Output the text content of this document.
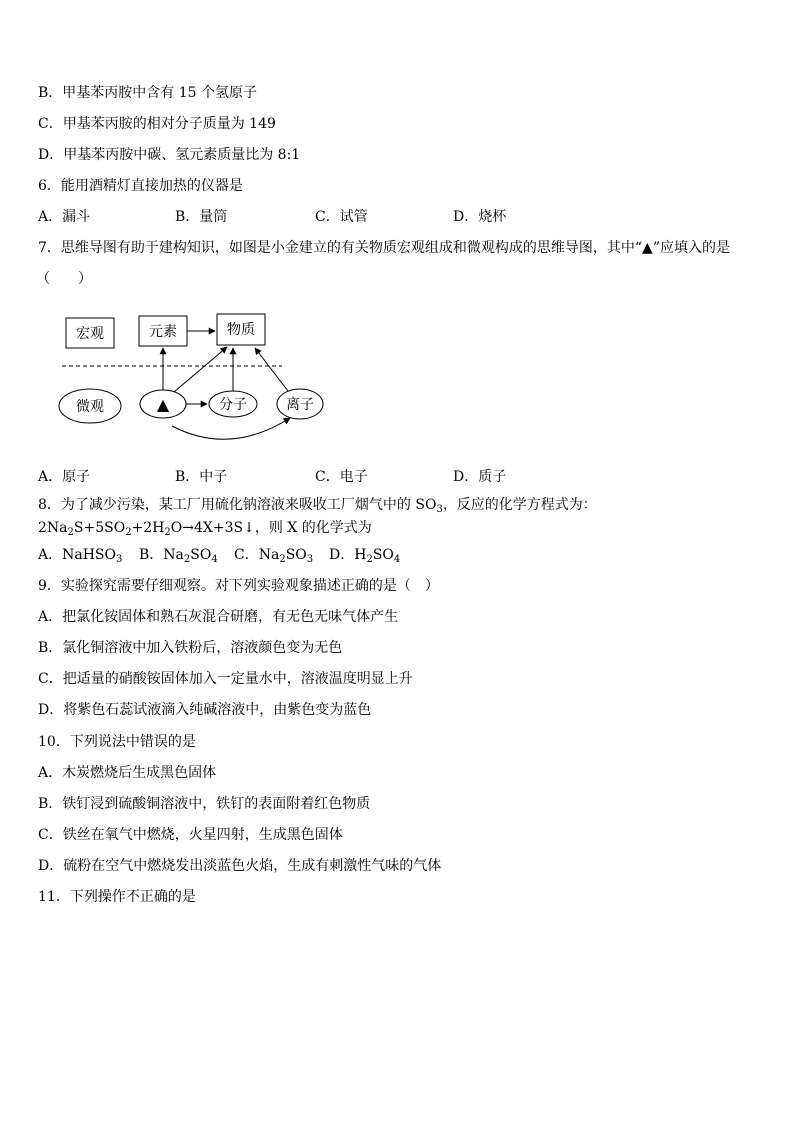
B．甲基苯丙胺中含有 15 个氢原子
C．甲基苯丙胺的相对分子质量为 149
D．甲基苯丙胺中碳、氢元素质量比为 8:1
6．能用酒精灯直接加热的仪器是
A．漏斗	B．量筒	C．试管	D．烧杯
7．思维导图有助于建构知识，如图是小金建立的有关物质宏观组成和微观构成的思维导图，其中“▲”应填入的是
（　　）
宏观	元素	物质
微观	▲	分子	离子
A．原子	B．中子	C．电子	D．质子
8．为了减少污染，某工厂用硫化钠溶液来吸收工厂烟气中的 $SO_3$，反应的化学方程式为：
$2Na_2S+5SO_2+2H_2O\to 4X+3S↓$，则 X 的化学式为
A．NaHSO$_3$ B．$Na_2SO_4$ C．$Na_2SO_3$ D．$H_2SO_4$
9．实验探究需要仔细观察。对下列实验观象描述正确的是（　）
A．把氯化铵固体和熟石灰混合研磨，有无色无味气体产生
B．氯化铜溶液中加入铁粉后，溶液颜色变为无色
C．把适量的硝酸铵固体加入一定量水中，溶液温度明显上升
D．将紫色石蕊试液滴入纯碱溶液中，由紫色变为蓝色
10．下列说法中错误的是
A．木炭燃烧后生成黑色固体
B．铁钉浸到硫酸铜溶液中，铁钉的表面附着红色物质
C．铁丝在氧气中燃烧，火星四射，生成黑色固体
D．硫粉在空气中燃烧发出淡蓝色火焰，生成有刺激性气味的气体
11．下列操作不正确的是
